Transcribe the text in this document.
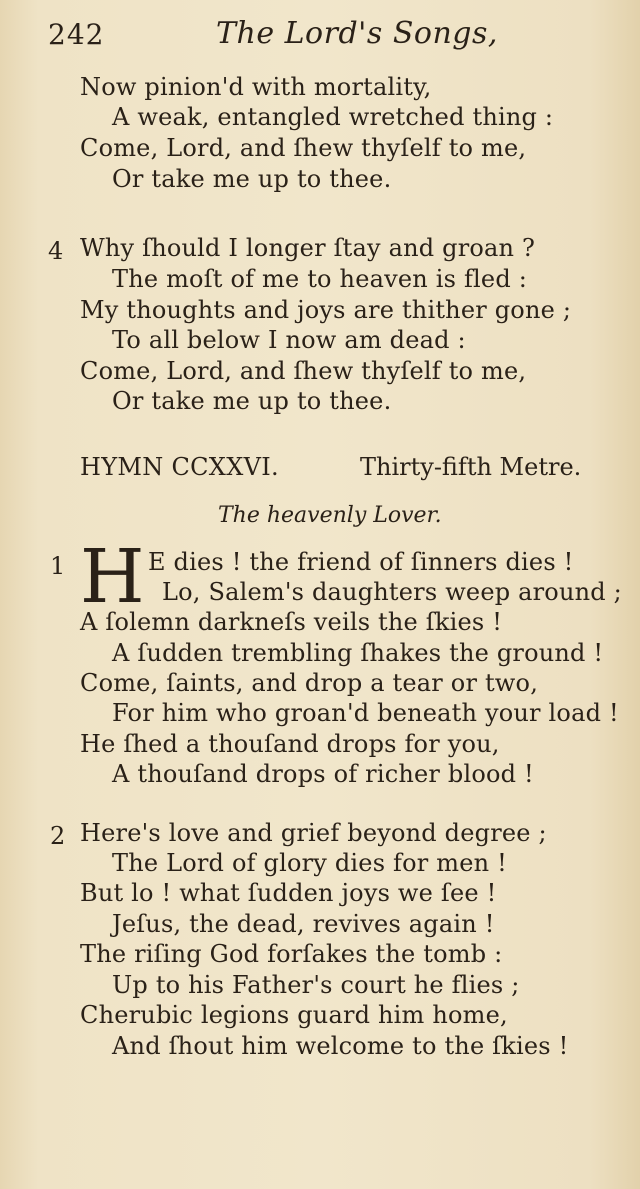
242	The Lord's Songs,
Now pinion'd with mortality,
A weak, entangled wretched thing :
Come, Lord, and ſhew thyſelf to me,
Or take me up to thee.
4 Why ſhould I longer ſtay and groan ?
The moſt of me to heaven is fled :
My thoughts and joys are thither gone ;
To all below I now am dead :
Come, Lord, and ſhew thyſelf to me,
Or take me up to thee.
HYMN CCXXVI.	Thirty-fifth Metre.
The heavenly Lover.
1 H E dies ! the friend of ſinners dies !
Lo, Salem's daughters weep around ;
A ſolemn darkneſs veils the ſkies !
A ſudden trembling ſhakes the ground !
Come, ſaints, and drop a tear or two,
For him who groan'd beneath your load !
He ſhed a thouſand drops for you,
A thouſand drops of richer blood !
2 Here's love and grief beyond degree ;
The Lord of glory dies for men !
But lo ! what ſudden joys we ſee !
Jeſus, the dead, revives again !
The riſing God forſakes the tomb :
Up to his Father's court he flies ;
Cherubic legions guard him home,
And ſhout him welcome to the ſkies !
